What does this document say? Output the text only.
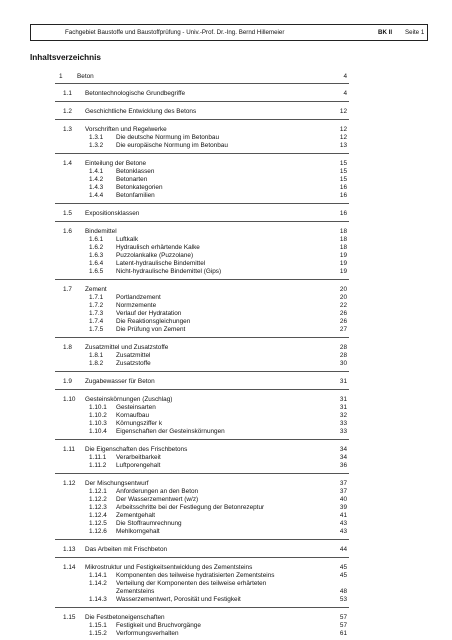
Fachgebiet Baustoffe und Baustoffprüfung - Univ.-Prof. Dr.-Ing. Bernd Hillemeier	BK II Seite 1
Inhaltsverzeichnis
1 Beton	4
1.1 Betontechnologische Grundbegriffe	4
1.2 Geschichtliche Entwicklung des Betons	12
1.3 Vorschriften und Regelwerke	12
1.3.1 Die deutsche Normung im Betonbau	12
1.3.2 Die europäische Normung im Betonbau	13
1.4 Einteilung der Betone	15
1.4.1 Betonklassen	15
1.4.2 Betonarten	15
1.4.3 Betonkategorien	16
1.4.4 Betonfamilien	16
1.5 Expositionsklassen	16
1.6 Bindemittel	18
1.6.1 Luftkalk	18
1.6.2 Hydraulisch erhärtende Kalke	18
1.6.3 Puzzolankalke (Puzzolane)	19
1.6.4 Latent-hydraulische Bindemittel	19
1.6.5 Nicht-hydraulische Bindemittel (Gips)	19
1.7 Zement	20
1.7.1 Portlandzement	20
1.7.2 Normzemente	22
1.7.3 Verlauf der Hydratation	26
1.7.4 Die Reaktionsgleichungen	26
1.7.5 Die Prüfung von Zement	27
1.8 Zusatzmittel und Zusatzstoffe	28
1.8.1 Zusatzmittel	28
1.8.2 Zusatzstoffe	30
1.9 Zugabewasser für Beton	31
1.10 Gesteinskörnungen (Zuschlag)	31
1.10.1 Gesteinsarten	31
1.10.2 Kornaufbau	32
1.10.3 Körnungsziffer k	33
1.10.4 Eigenschaften der Gesteinskörnungen	33
1.11 Die Eigenschaften des Frischbetons	34
1.11.1 Verarbeitbarkeit	34
1.11.2 Luftporengehalt	36
1.12 Der Mischungsentwurf	37
1.12.1 Anforderungen an den Beton	37
1.12.2 Der Wasserzementwert (w/z)	40
1.12.3 Arbeitsschritte bei der Festlegung der Betonrezeptur	39
1.12.4 Zementgehalt	41
1.12.5 Die Stoffraumrechnung	43
1.12.6 Mehlkorngehalt	43
1.13 Das Arbeiten mit Frischbeton	44
1.14 Mikrostruktur und Festigkeitsentwicklung des Zementsteins	45
1.14.1 Komponenten des teilweise hydratisierten Zementsteins	45
1.14.2 Verteilung der Komponenten des teilweise erhärteten
Zementsteins	48
1.14.3 Wasserzementwert, Porosität und Festigkeit	53
1.15 Die Festbetoneigenschaften	57
1.15.1 Festigkeit und Bruchvorgänge	57
1.15.2 Verformungsverhalten	61
